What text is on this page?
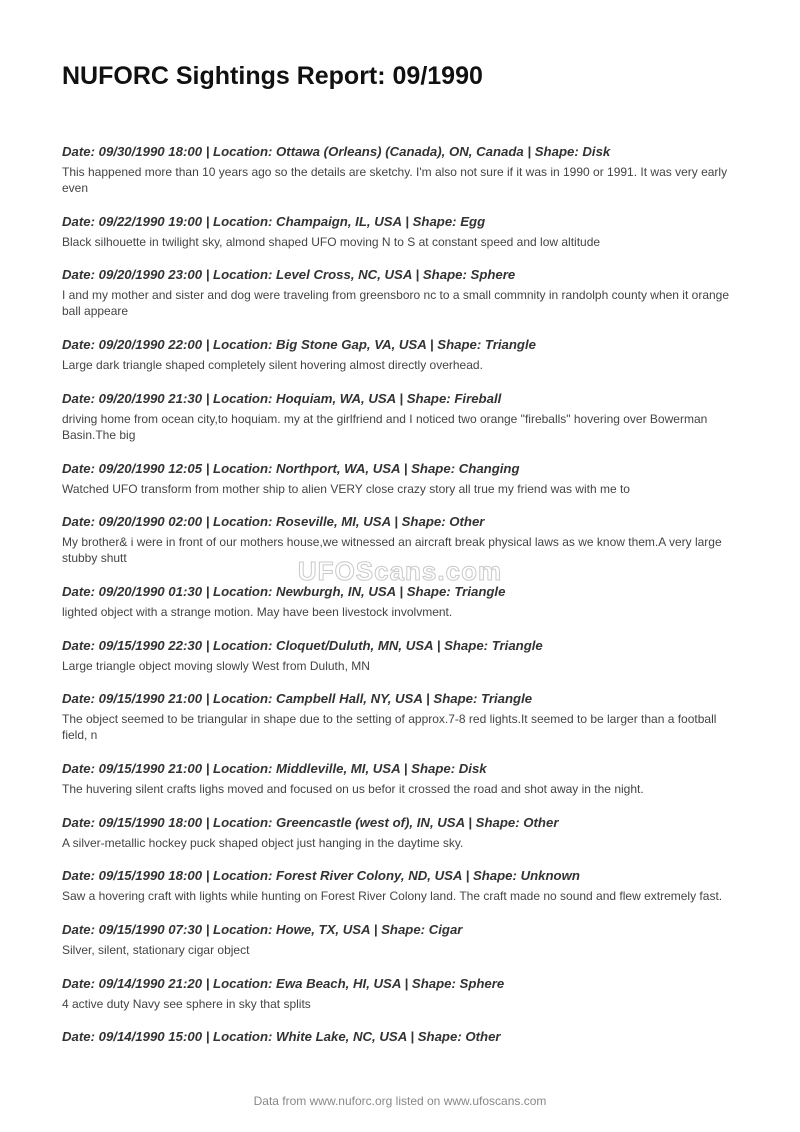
NUFORC Sightings Report: 09/1990

Date: 09/30/1990 18:00 | Location: Ottawa (Orleans) (Canada), ON, Canada | Shape: Disk

This happened more than 10 years ago so the details are sketchy. I'm also not sure if it was in 1990 or 1991. It was very early even

Date: 09/22/1990 19:00 | Location: Champaign, IL, USA | Shape: Egg

Black silhouette in twilight sky, almond shaped UFO moving N to S at constant speed and low altitude

Date: 09/20/1990 23:00 | Location: Level Cross, NC, USA | Shape: Sphere

I and my mother and sister and dog were traveling from greensboro nc to a small commnity in randolph county when it orange ball appeare

Date: 09/20/1990 22:00 | Location: Big Stone Gap, VA, USA | Shape: Triangle

Large dark triangle shaped completely silent hovering almost directly overhead.

Date: 09/20/1990 21:30 | Location: Hoquiam, WA, USA | Shape: Fireball

driving home from ocean city,to hoquiam. my at the girlfriend and I noticed two orange "fireballs" hovering over Bowerman Basin.The big

Date: 09/20/1990 12:05 | Location: Northport, WA, USA | Shape: Changing

Watched UFO transform from mother ship to alien VERY close crazy story all true my friend was with me to

Date: 09/20/1990 02:00 | Location: Roseville, MI, USA | Shape: Other

My brother& i were in front of our mothers house,we witnessed an aircraft break physical laws as we know them.A very large stubby shutt

Date: 09/20/1990 01:30 | Location: Newburgh, IN, USA | Shape: Triangle

lighted object with a strange motion. May have been livestock involvment.

Date: 09/15/1990 22:30 | Location: Cloquet/Duluth, MN, USA | Shape: Triangle

Large triangle object moving slowly West from Duluth, MN

Date: 09/15/1990 21:00 | Location: Campbell Hall, NY, USA | Shape: Triangle

The object seemed to be triangular in shape due to the setting of approx.7-8 red lights.It seemed to be larger than a football field, n

Date: 09/15/1990 21:00 | Location: Middleville, MI, USA | Shape: Disk

The huvering silent crafts lighs moved and focused on us befor it crossed the road and shot away in the night.

Date: 09/15/1990 18:00 | Location: Greencastle (west of), IN, USA | Shape: Other

A silver-metallic hockey puck shaped object just hanging in the daytime sky.

Date: 09/15/1990 18:00 | Location: Forest River Colony, ND, USA | Shape: Unknown

Saw a hovering craft with lights while hunting on Forest River Colony land. The craft made no sound and flew extremely fast.

Date: 09/15/1990 07:30 | Location: Howe, TX, USA | Shape: Cigar

Silver, silent, stationary cigar object

Date: 09/14/1990 21:20 | Location: Ewa Beach, HI, USA | Shape: Sphere

4 active duty Navy see sphere in sky that splits

Date: 09/14/1990 15:00 | Location: White Lake, NC, USA | Shape: Other

UFOScans.com
Data from www.nuforc.org listed on www.ufoscans.com
